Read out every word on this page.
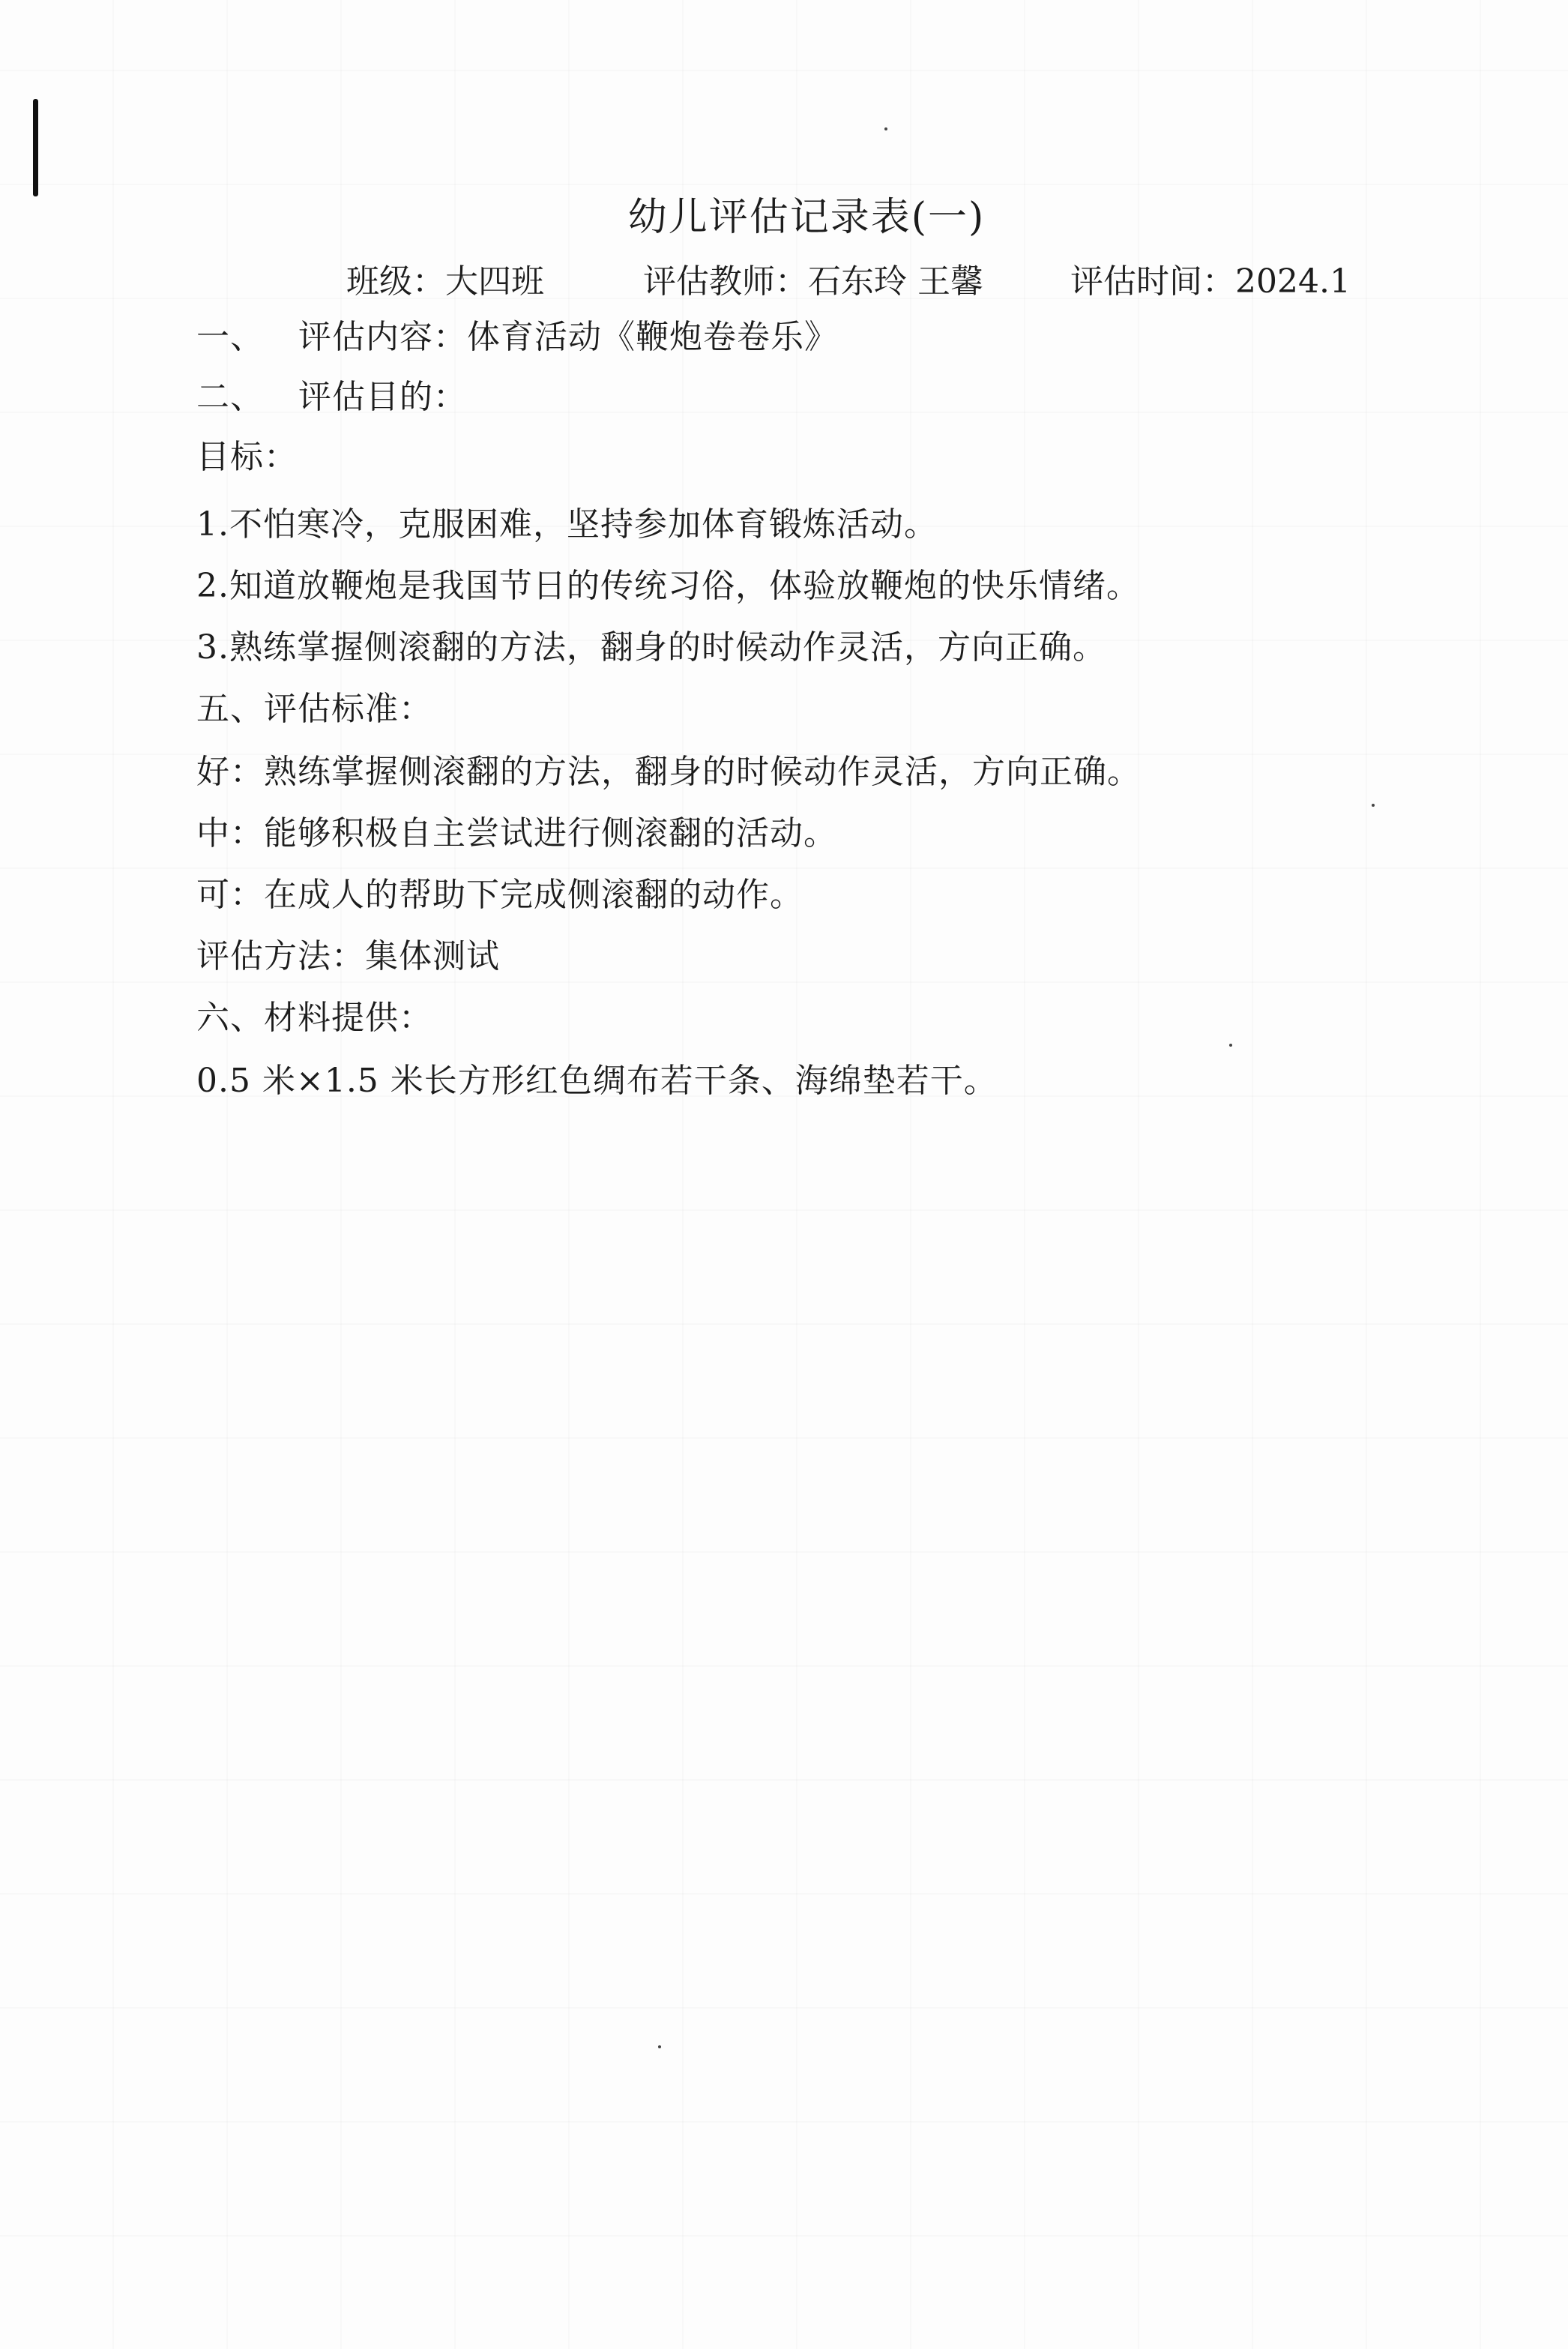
幼儿评估记录表(一)
班级：大四班	评估教师：石东玲 王馨	评估时间：2024.1
一、 评估内容：体育活动《鞭炮卷卷乐》
二、 评估目的：
目标：
1.不怕寒冷，克服困难，坚持参加体育锻炼活动。
2.知道放鞭炮是我国节日的传统习俗，体验放鞭炮的快乐情绪。
3.熟练掌握侧滚翻的方法，翻身的时候动作灵活，方向正确。
五、评估标准：
好：熟练掌握侧滚翻的方法，翻身的时候动作灵活，方向正确。
中：能够积极自主尝试进行侧滚翻的活动。
可：在成人的帮助下完成侧滚翻的动作。
评估方法：集体测试
六、材料提供：
0.5 米×1.5 米长方形红色绸布若干条、海绵垫若干。
